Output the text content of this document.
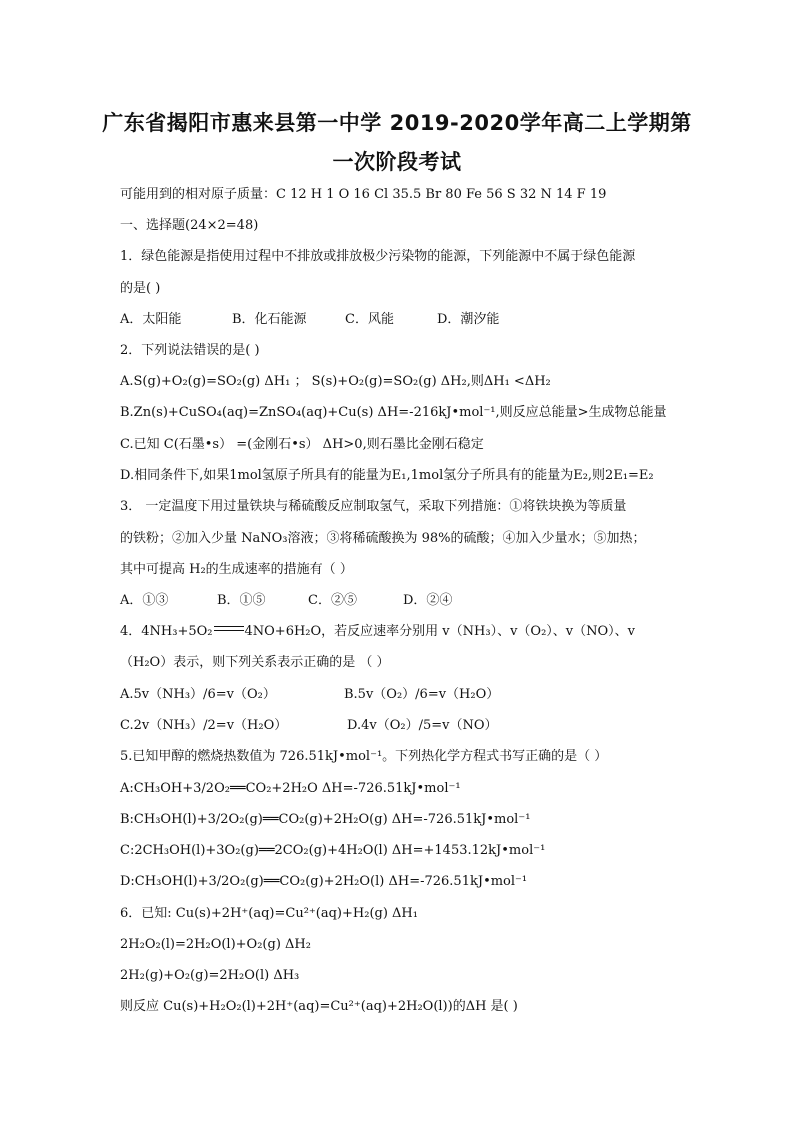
广东省揭阳市惠来县第一中学 2019-2020学年高二上学期第
一次阶段考试
可能用到的相对原子质量：C 12 H 1 O 16 Cl 35.5 Br 80 Fe 56 S 32 N 14 F 19
一、选择题(24×2=48)
1．绿色能源是指使用过程中不排放或排放极少污染物的能源，下列能源中不属于绿色能源
的是( )
A．太阳能	B．化石能源	C．风能	D．潮汐能
2．下列说法错误的是( )
A.S(g)+O₂(g)=SO₂(g) ΔH₁ ； S(s)+O₂(g)=SO₂(g) ΔH₂,则ΔH₁ <ΔH₂
B.Zn(s)+CuSO₄(aq)=ZnSO₄(aq)+Cu(s) ΔH=-216kJ•mol⁻¹,则反应总能量>生成物总能量
C.已知 C(石墨•s） =(金刚石•s） ΔH>0,则石墨比金刚石稳定
D.相同条件下,如果1mol氢原子所具有的能量为E₁,1mol氢分子所具有的能量为E₂,则2E₁=E₂
3． 一定温度下用过量铁块与稀硫酸反应制取氢气，采取下列措施：①将铁块换为等质量
的铁粉；②加入少量 NaNO₃溶液；③将稀硫酸换为 98%的硫酸；④加入少量水；⑤加热；
其中可提高 H₂的生成速率的措施有（ ）
A．①③	B．①⑤	C．②⑤	D．②④
4．4NH₃+5O₂ 4NO+6H₂O，若反应速率分别用 v（NH₃）、v（O₂）、v（NO）、v
（H₂O）表示，则下列关系表示正确的是 （ ）
A.5v（NH₃）/6=v（O₂）	B.5v（O₂）/6=v（H₂O）
C.2v（NH₃）/2=v（H₂O）	D.4v（O₂）/5=v（NO）
5.已知甲醇的燃烧热数值为 726.51kJ•mol⁻¹。下列热化学方程式书写正确的是（ ）
A:CH₃OH+3/2O₂══CO₂+2H₂O ΔH=-726.51kJ•mol⁻¹
B:CH₃OH(l)+3/2O₂(g)══CO₂(g)+2H₂O(g) ΔH=-726.51kJ•mol⁻¹
C:2CH₃OH(l)+3O₂(g)══2CO₂(g)+4H₂O(l) ΔH=+1453.12kJ•mol⁻¹
D:CH₃OH(l)+3/2O₂(g)══CO₂(g)+2H₂O(l) ΔH=-726.51kJ•mol⁻¹
6．已知: Cu(s)+2H⁺(aq)=Cu²⁺(aq)+H₂(g) ΔH₁
2H₂O₂(l)=2H₂O(l)+O₂(g) ΔH₂
2H₂(g)+O₂(g)=2H₂O(l) ΔH₃
则反应 Cu(s)+H₂O₂(l)+2H⁺(aq)=Cu²⁺(aq)+2H₂O(l))的ΔH 是( )
